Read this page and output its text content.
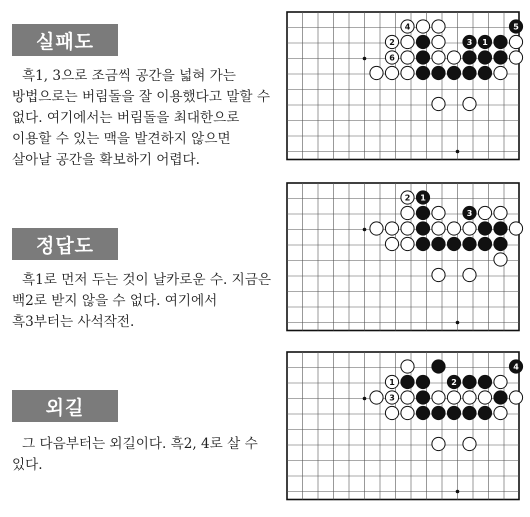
실패도

흑1, 3으로 조금씩 공간을 넓혀 가는 방법으로는 버림돌을 잘 이용했다고 말할 수 없다. 여기에서는 버림돌을 최대한으로 이용할 수 있는 맥을 발견하지 않으면 살아날 공간을 확보하기 어렵다.

정답도

흑1로 먼저 두는 것이 날카로운 수. 지금은 백2로 받지 않을 수 없다. 여기에서 흑3부터는 사석작전.

외길

그 다음부터는 외길이다. 흑2, 4로 살 수 있다.

4
3 1
5
2
6
2 1
3
1
3
2
4
